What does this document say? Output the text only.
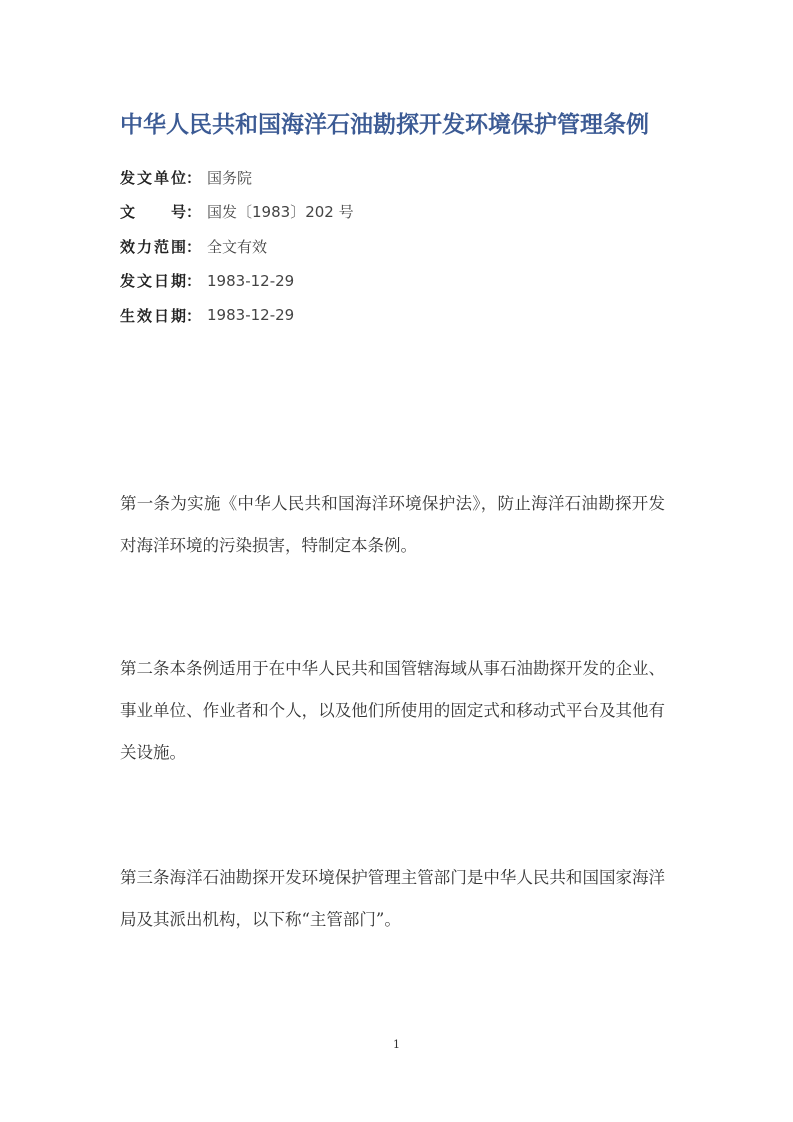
中华人民共和国海洋石油勘探开发环境保护管理条例
发文单位 ： 国务院
文　　号 ： 国发〔1983〕202 号
效力范围 ： 全文有效
发文日期 ： 1983-12-29
生效日期 ： 1983-12-29

第一条为实施《中华人民共和国海洋环境保护法》，防止海洋石油勘探开发对海洋环境的污染损害，特制定本条例。

第二条本条例适用于在中华人民共和国管辖海域从事石油勘探开发的企业、事业单位、作业者和个人，以及他们所使用的固定式和移动式平台及其他有关设施。

第三条海洋石油勘探开发环境保护管理主管部门是中华人民共和国国家海洋局及其派出机构，以下称“主管部门”。

1
